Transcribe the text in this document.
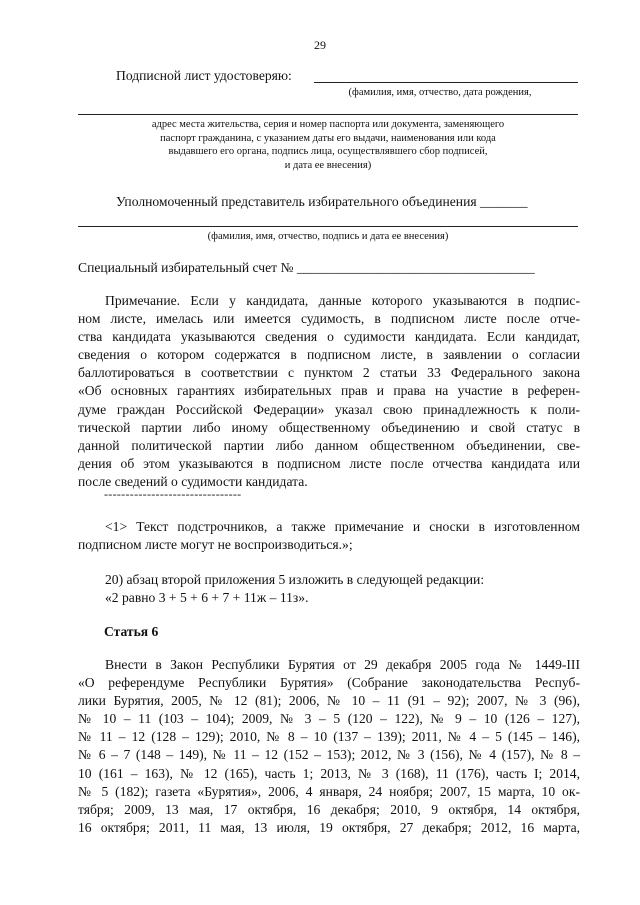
29
Подписной лист удостоверяю:
(фамилия, имя, отчество, дата рождения,
адрес места жительства, серия и номер паспорта или документа, заменяющего
паспорт гражданина, с указанием даты его выдачи, наименования или кода
выдавшего его органа, подпись лица, осуществлявшего сбор подписей,
и дата ее внесения)
Уполномоченный представитель избирательного объединения _______
(фамилия, имя, отчество, подпись и дата ее внесения)
Специальный избирательный счет № ___________________________________
Примечание. Если у кандидата, данные которого указываются в подпис-
ном листе, имелась или имеется судимость, в подписном листе после отче-
ства кандидата указываются сведения о судимости кандидата. Если кандидат,
сведения о котором содержатся в подписном листе, в заявлении о согласии
баллотироваться в соответствии с пунктом 2 статьи 33 Федерального закона
«Об основных гарантиях избирательных прав и права на участие в референ-
думе граждан Российской Федерации» указал свою принадлежность к поли-
тической партии либо иному общественному объединению и свой статус в
данной политической партии либо данном общественном объединении, све-
дения об этом указываются в подписном листе после отчества кандидата или
после сведений о судимости кандидата.
--------------------------------
<1> Текст подстрочников, а также примечание и сноски в изготовленном
подписном листе могут не воспроизводиться.»;
20) абзац второй приложения 5 изложить в следующей редакции:
«2 равно 3 + 5 + 6 + 7 + 11ж – 11з».
Статья 6
Внести в Закон Республики Бурятия от 29 декабря 2005 года № 1449-III
«О референдуме Республики Бурятия» (Собрание законодательства Респуб-
лики Бурятия, 2005, № 12 (81); 2006, № 10 – 11 (91 – 92); 2007, № 3 (96),
№ 10 – 11 (103 – 104); 2009, № 3 – 5 (120 – 122), № 9 – 10 (126 – 127),
№ 11 – 12 (128 – 129); 2010, № 8 – 10 (137 – 139); 2011, № 4 – 5 (145 – 146),
№ 6 – 7 (148 – 149), № 11 – 12 (152 – 153); 2012, № 3 (156), № 4 (157), № 8 –
10 (161 – 163), № 12 (165), часть 1; 2013, № 3 (168), 11 (176), часть I; 2014,
№ 5 (182); газета «Бурятия», 2006, 4 января, 24 ноября; 2007, 15 марта, 10 ок-
тября; 2009, 13 мая, 17 октября, 16 декабря; 2010, 9 октября, 14 октября,
16 октября; 2011, 11 мая, 13 июля, 19 октября, 27 декабря; 2012, 16 марта,
